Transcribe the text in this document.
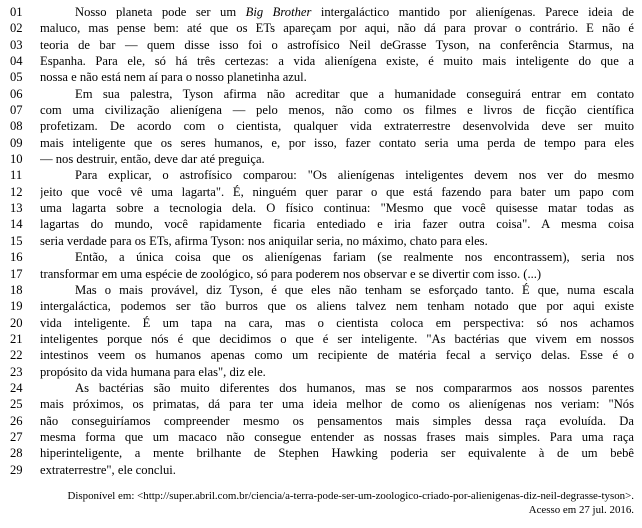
01	Nosso planeta pode ser um Big Brother intergaláctico mantido por alienígenas. Parece ideia de
02	maluco, mas pense bem: até que os ETs apareçam por aqui, não dá para provar o contrário. E não é
03	teoria de bar — quem disse isso foi o astrofísico Neil deGrasse Tyson, na conferência Starmus, na
04	Espanha. Para ele, só há três certezas: a vida alienígena existe, é muito mais inteligente do que a
05	nossa e não está nem aí para o nosso planetinha azul.
06	Em sua palestra, Tyson afirma não acreditar que a humanidade conseguirá entrar em contato
07	com uma civilização alienígena — pelo menos, não como os filmes e livros de ficção científica
08	profetizam. De acordo com o cientista, qualquer vida extraterrestre desenvolvida deve ser muito
09	mais inteligente que os seres humanos, e, por isso, fazer contato seria uma perda de tempo para eles
10	— nos destruir, então, deve dar até preguiça.
11	Para explicar, o astrofísico comparou: "Os alienígenas inteligentes devem nos ver do mesmo
12	jeito que você vê uma lagarta". É, ninguém quer parar o que está fazendo para bater um papo com
13	uma lagarta sobre a tecnologia dela. O físico continua: "Mesmo que você quisesse matar todas as
14	lagartas do mundo, você rapidamente ficaria entediado e iria fazer outra coisa". A mesma coisa
15	seria verdade para os ETs, afirma Tyson: nos aniquilar seria, no máximo, chato para eles.
16	Então, a única coisa que os alienígenas fariam (se realmente nos encontrassem), seria nos
17	transformar em uma espécie de zoológico, só para poderem nos observar e se divertir com isso. (...)
18	Mas o mais provável, diz Tyson, é que eles não tenham se esforçado tanto. É que, numa escala
19	intergaláctica, podemos ser tão burros que os aliens talvez nem tenham notado que por aqui existe
20	vida inteligente. É um tapa na cara, mas o cientista coloca em perspectiva: só nos achamos
21	inteligentes porque nós é que decidimos o que é ser inteligente. "As bactérias que vivem em nossos
22	intestinos veem os humanos apenas como um recipiente de matéria fecal a serviço delas. Esse é o
23	propósito da vida humana para elas", diz ele.
24	As bactérias são muito diferentes dos humanos, mas se nos compararmos aos nossos parentes
25	mais próximos, os primatas, dá para ter uma ideia melhor de como os alienígenas nos veriam: "Nós
26	não conseguiríamos compreender mesmo os pensamentos mais simples dessa raça evoluída. Da
27	mesma forma que um macaco não consegue entender as nossas frases mais simples. Para uma raça
28	hiperinteligente, a mente brilhante de Stephen Hawking poderia ser equivalente à de um bebê
29	extraterrestre", ele conclui.
Disponível em: <http://super.abril.com.br/ciencia/a-terra-pode-ser-um-zoologico-criado-por-alienigenas-diz-neil-degrasse-tyson>.
Acesso em 27 jul. 2016.
